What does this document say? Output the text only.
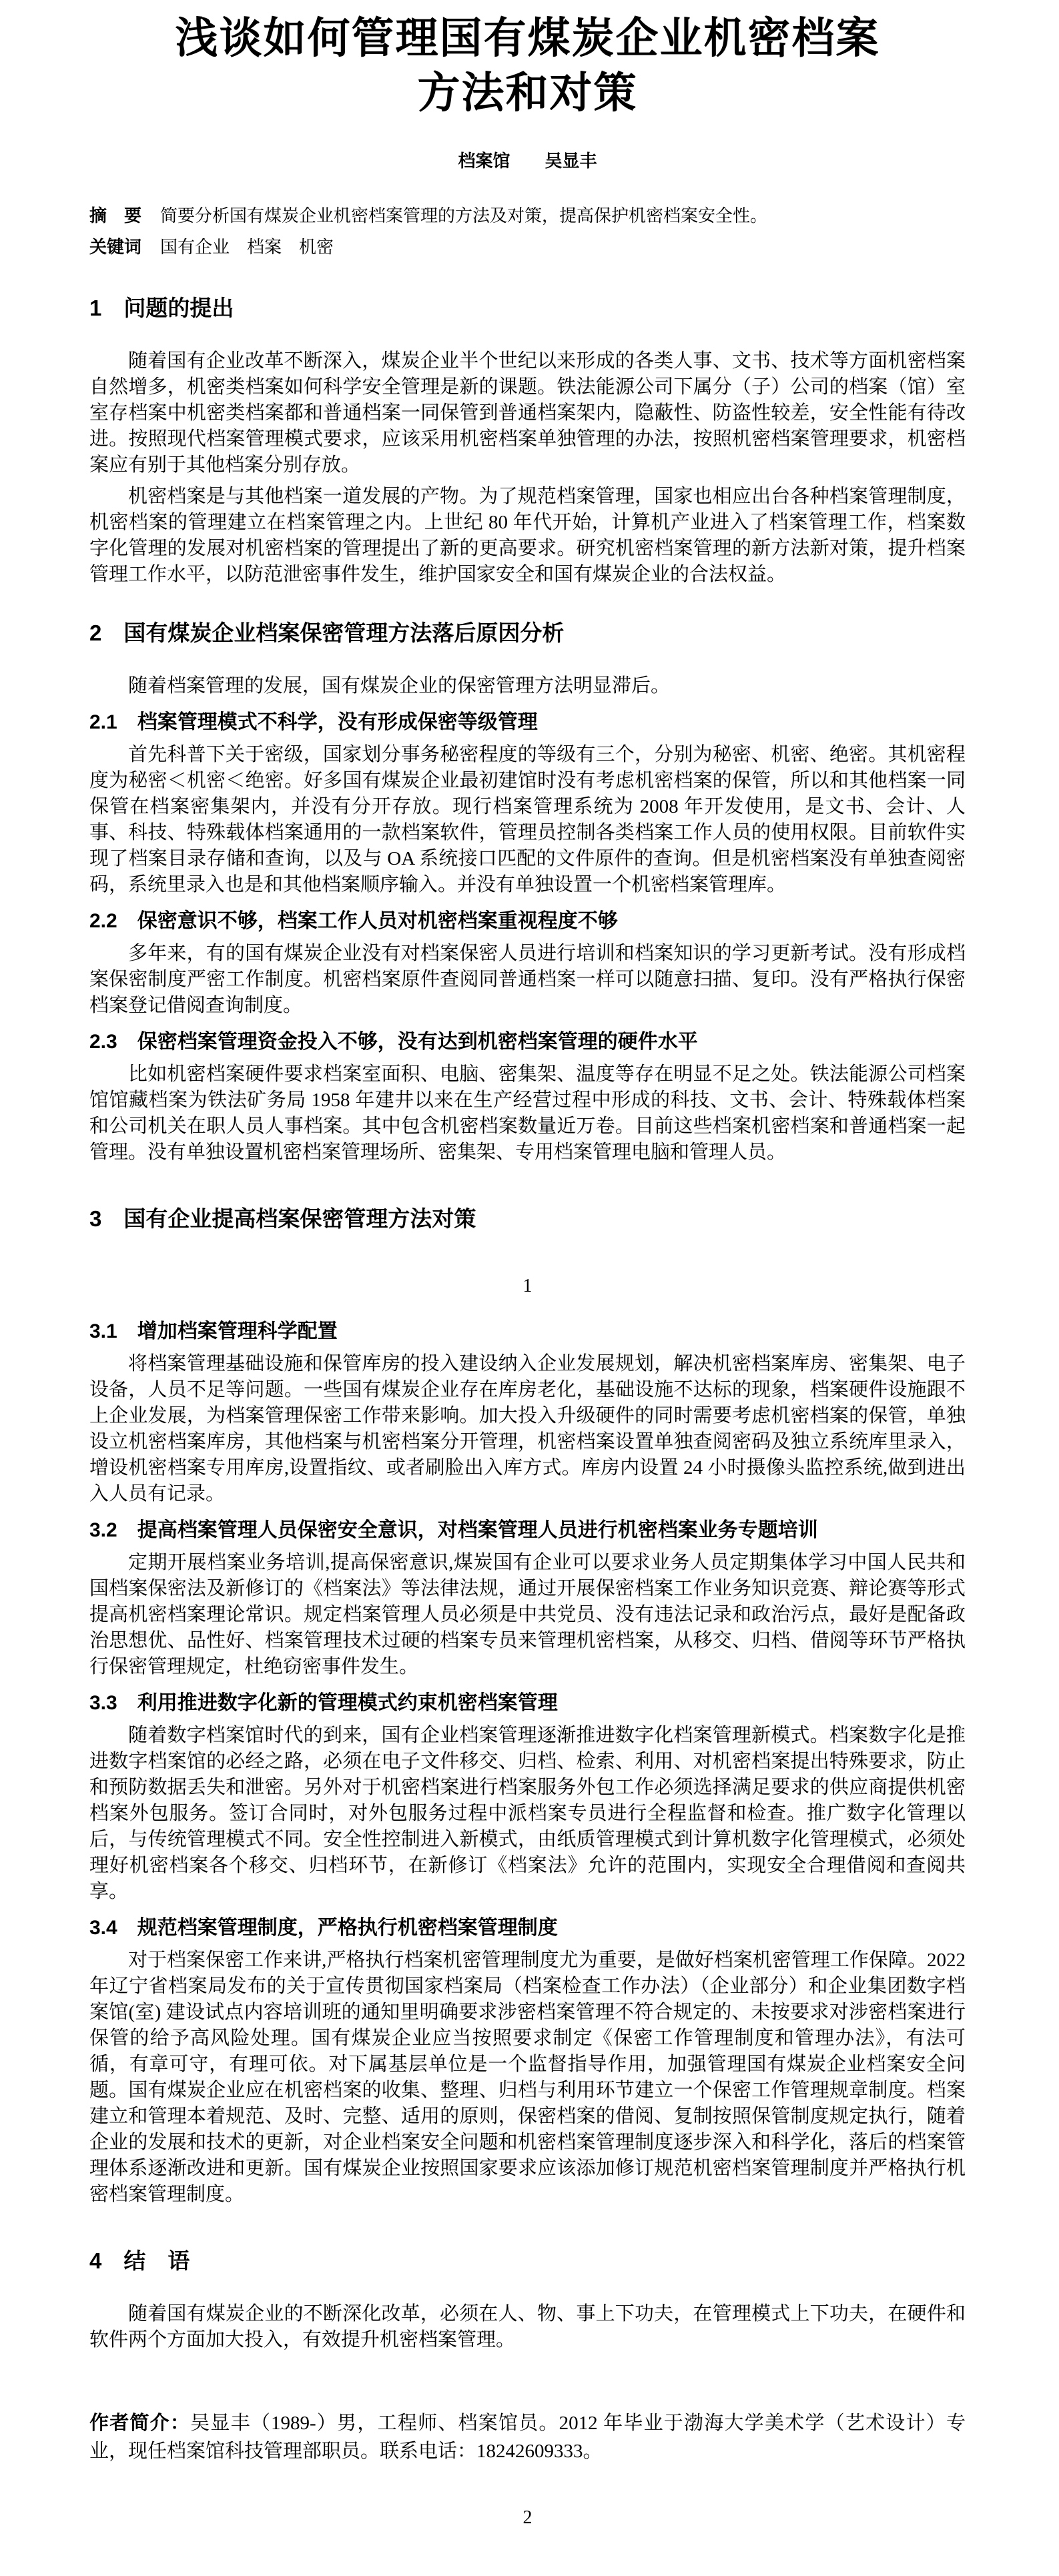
浅谈如何管理国有煤炭企业机密档案
方法和对策
档案馆 吴显丰
摘　要 简要分析国有煤炭企业机密档案管理的方法及对策，提高保护机密档案安全性。
关键词 国有企业　档案　机密
1　问题的提出

随着国有企业改革不断深入，煤炭企业半个世纪以来形成的各类人事、文书、技术等方面机密档案自然增多，机密类档案如何科学安全管理是新的课题。铁法能源公司下属分（子）公司的档案（馆）室室存档案中机密类档案都和普通档案一同保管到普通档案架内，隐蔽性、防盗性较差，安全性能有待改进。按照现代档案管理模式要求，应该采用机密档案单独管理的办法，按照机密档案管理要求，机密档案应有别于其他档案分别存放。

机密档案是与其他档案一道发展的产物。为了规范档案管理，国家也相应出台各种档案管理制度，机密档案的管理建立在档案管理之内。上世纪 80 年代开始，计算机产业进入了档案管理工作，档案数字化管理的发展对机密档案的管理提出了新的更高要求。研究机密档案管理的新方法新对策，提升档案管理工作水平，以防范泄密事件发生，维护国家安全和国有煤炭企业的合法权益。

2　国有煤炭企业档案保密管理方法落后原因分析

随着档案管理的发展，国有煤炭企业的保密管理方法明显滞后。

2.1　档案管理模式不科学，没有形成保密等级管理

首先科普下关于密级，国家划分事务秘密程度的等级有三个，分别为秘密、机密、绝密。其机密程度为秘密＜机密＜绝密。好多国有煤炭企业最初建馆时没有考虑机密档案的保管，所以和其他档案一同保管在档案密集架内，并没有分开存放。现行档案管理系统为 2008 年开发使用，是文书、会计、人事、科技、特殊载体档案通用的一款档案软件，管理员控制各类档案工作人员的使用权限。目前软件实现了档案目录存储和查询，以及与 OA 系统接口匹配的文件原件的查询。但是机密档案没有单独查阅密码，系统里录入也是和其他档案顺序输入。并没有单独设置一个机密档案管理库。

2.2　保密意识不够，档案工作人员对机密档案重视程度不够

多年来，有的国有煤炭企业没有对档案保密人员进行培训和档案知识的学习更新考试。没有形成档案保密制度严密工作制度。机密档案原件查阅同普通档案一样可以随意扫描、复印。没有严格执行保密档案登记借阅查询制度。

2.3　保密档案管理资金投入不够，没有达到机密档案管理的硬件水平

比如机密档案硬件要求档案室面积、电脑、密集架、温度等存在明显不足之处。铁法能源公司档案馆馆藏档案为铁法矿务局 1958 年建井以来在生产经营过程中形成的科技、文书、会计、特殊载体档案和公司机关在职人员人事档案。其中包含机密档案数量近万卷。目前这些档案机密档案和普通档案一起管理。没有单独设置机密档案管理场所、密集架、专用档案管理电脑和管理人员。

3　国有企业提高档案保密管理方法对策
1
3.1　增加档案管理科学配置

将档案管理基础设施和保管库房的投入建设纳入企业发展规划，解决机密档案库房、密集架、电子设备，人员不足等问题。一些国有煤炭企业存在库房老化，基础设施不达标的现象，档案硬件设施跟不上企业发展，为档案管理保密工作带来影响。加大投入升级硬件的同时需要考虑机密档案的保管，单独设立机密档案库房，其他档案与机密档案分开管理，机密档案设置单独查阅密码及独立系统库里录入，增设机密档案专用库房,设置指纹、或者刷脸出入库方式。库房内设置 24 小时摄像头监控系统,做到进出入人员有记录。

3.2　提高档案管理人员保密安全意识，对档案管理人员进行机密档案业务专题培训

定期开展档案业务培训,提高保密意识,煤炭国有企业可以要求业务人员定期集体学习中国人民共和国档案保密法及新修订的《档案法》等法律法规，通过开展保密档案工作业务知识竞赛、辩论赛等形式提高机密档案理论常识。规定档案管理人员必须是中共党员、没有违法记录和政治污点，最好是配备政治思想优、品性好、档案管理技术过硬的档案专员来管理机密档案，从移交、归档、借阅等环节严格执行保密管理规定，杜绝窃密事件发生。

3.3　利用推进数字化新的管理模式约束机密档案管理

随着数字档案馆时代的到来，国有企业档案管理逐渐推进数字化档案管理新模式。档案数字化是推进数字档案馆的必经之路，必须在电子文件移交、归档、检索、利用、对机密档案提出特殊要求，防止和预防数据丢失和泄密。另外对于机密档案进行档案服务外包工作必须选择满足要求的供应商提供机密档案外包服务。签订合同时，对外包服务过程中派档案专员进行全程监督和检查。推广数字化管理以后，与传统管理模式不同。安全性控制进入新模式，由纸质管理模式到计算机数字化管理模式，必须处理好机密档案各个移交、归档环节，在新修订《档案法》允许的范围内，实现安全合理借阅和查阅共享。

3.4　规范档案管理制度，严格执行机密档案管理制度

对于档案保密工作来讲,严格执行档案机密管理制度尤为重要，是做好档案机密管理工作保障。2022 年辽宁省档案局发布的关于宣传贯彻国家档案局（档案检查工作办法）（企业部分）和企业集团数字档案馆(室) 建设试点内容培训班的通知里明确要求涉密档案管理不符合规定的、未按要求对涉密档案进行保管的给予高风险处理。国有煤炭企业应当按照要求制定《保密工作管理制度和管理办法》，有法可循，有章可守，有理可依。对下属基层单位是一个监督指导作用，加强管理国有煤炭企业档案安全问题。国有煤炭企业应在机密档案的收集、整理、归档与利用环节建立一个保密工作管理规章制度。档案建立和管理本着规范、及时、完整、适用的原则，保密档案的借阅、复制按照保管制度规定执行，随着企业的发展和技术的更新，对企业档案安全问题和机密档案管理制度逐步深入和科学化，落后的档案管理体系逐渐改进和更新。国有煤炭企业按照国家要求应该添加修订规范机密档案管理制度并严格执行机密档案管理制度。

4　结　语

随着国有煤炭企业的不断深化改革，必须在人、物、事上下功夫，在管理模式上下功夫，在硬件和软件两个方面加大投入，有效提升机密档案管理。

作者简介：吴显丰（1989-）男，工程师、档案馆员。2012 年毕业于渤海大学美术学（艺术设计）专业，现任档案馆科技管理部职员。联系电话：18242609333。

2
